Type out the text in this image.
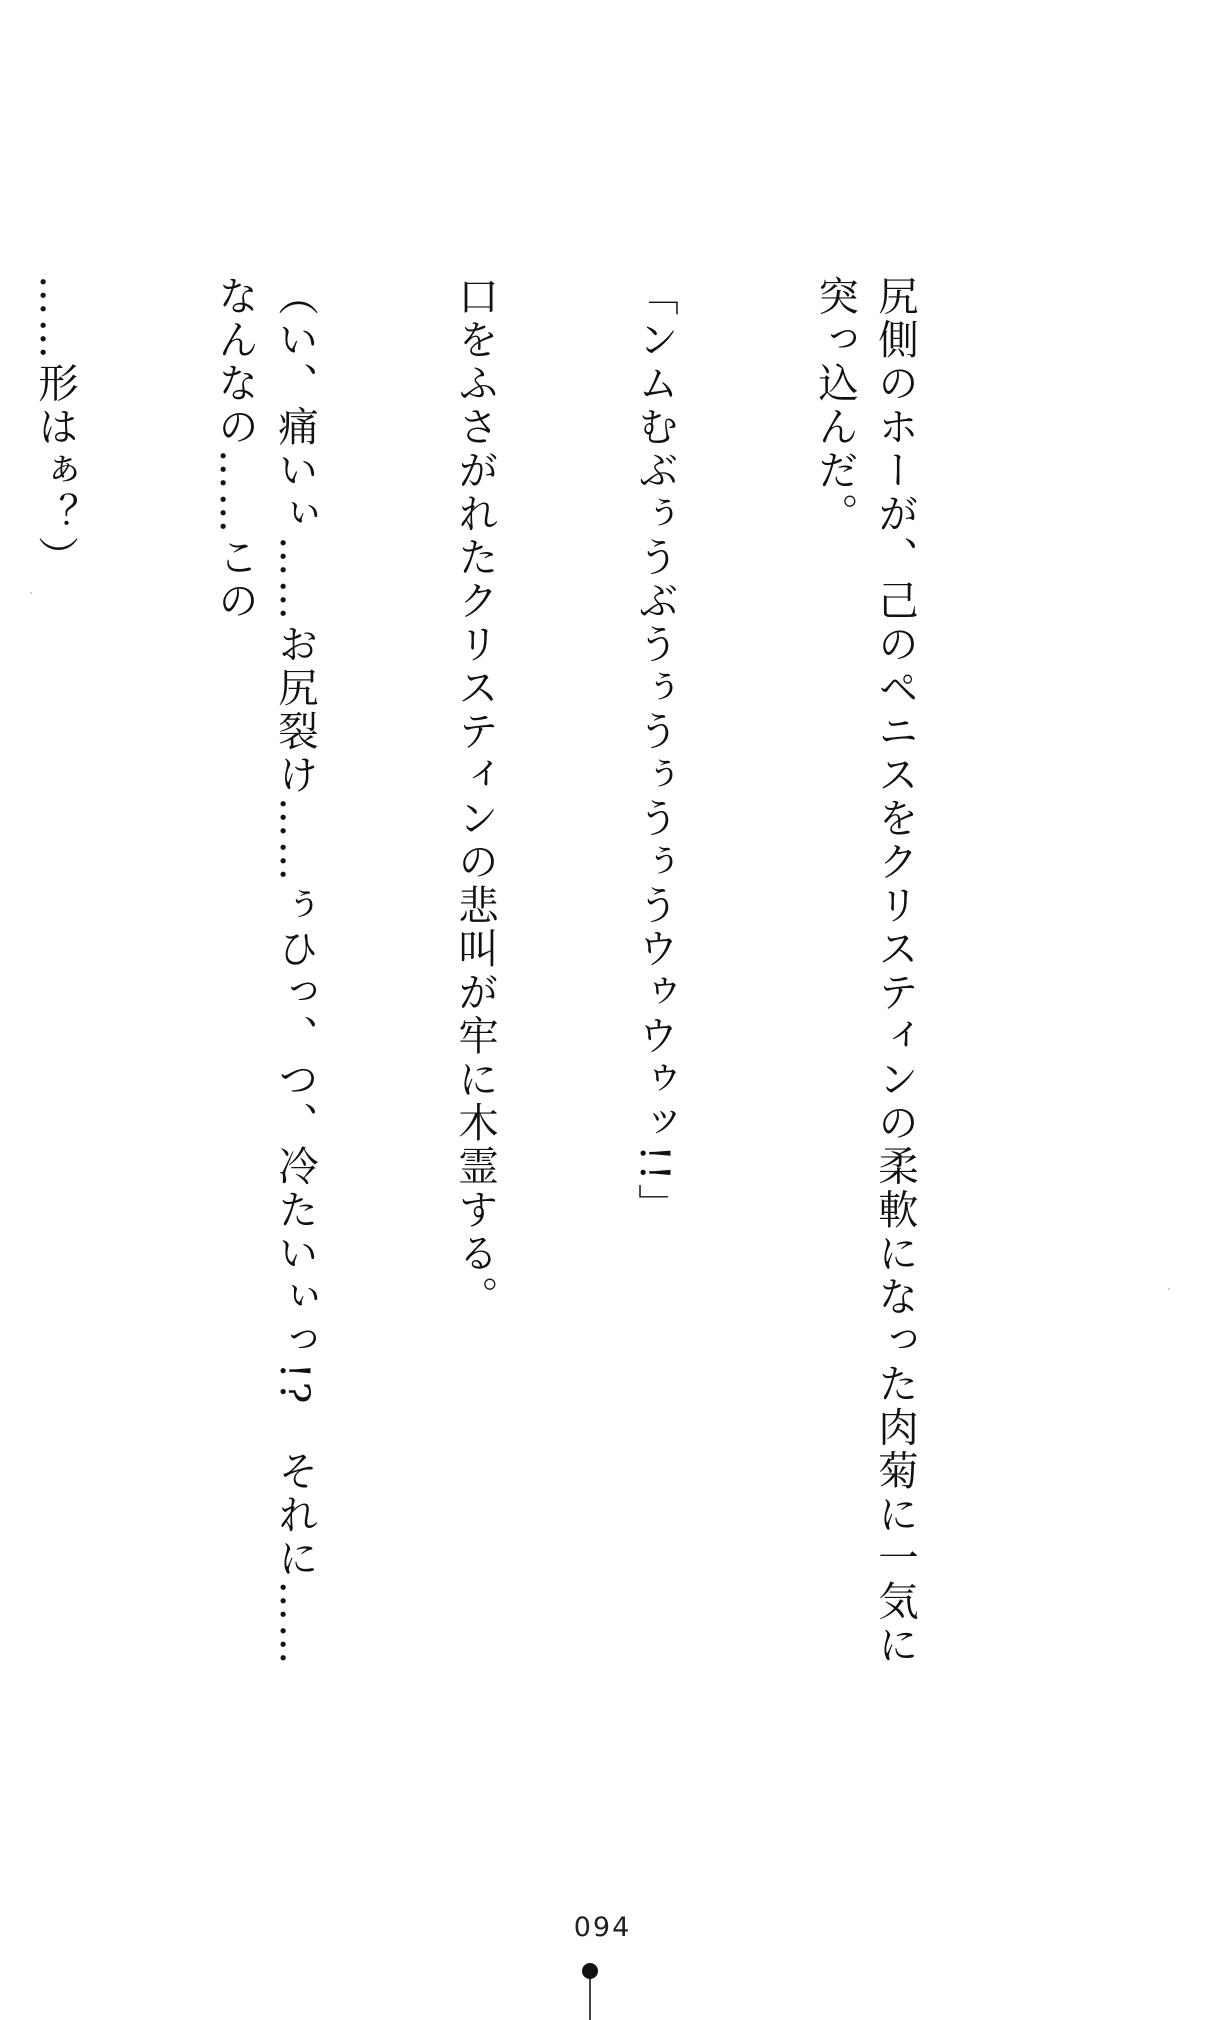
尻側のホーが、己のペニスをクリスティンの柔軟になった肉菊に一気に突っ込んだ。

「ンムむぶぅうぶうぅうぅうぅうウゥウゥッ!!」

口をふさがれたクリスティンの悲叫が牢に木霊する。

（い、痛いぃ……お尻裂け……ぅひっ、つ、冷たいぃっ!?　それに……なんなの……この

……形はぁ？）

094
